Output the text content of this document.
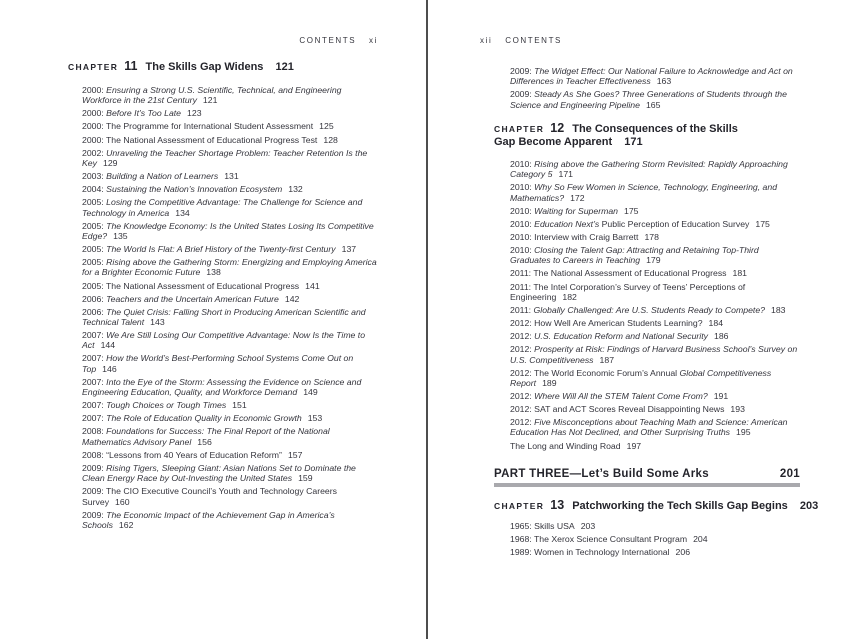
CONTENTS xi
CHAPTER 11 The Skills Gap Widens 121
2000: Ensuring a Strong U.S. Scientific, Technical, and Engineering Workforce in the 21st Century 121
2000: Before It’s Too Late 123
2000: The Programme for International Student Assessment 125
2000: The National Assessment of Educational Progress Test 128
2002: Unraveling the Teacher Shortage Problem: Teacher Retention Is the Key 129
2003: Building a Nation of Learners 131
2004: Sustaining the Nation’s Innovation Ecosystem 132
2005: Losing the Competitive Advantage: The Challenge for Science and Technology in America 134
2005: The Knowledge Economy: Is the United States Losing Its Competitive Edge? 135
2005: The World Is Flat: A Brief History of the Twenty-first Century 137
2005: Rising above the Gathering Storm: Energizing and Employing America for a Brighter Economic Future 138
2005: The National Assessment of Educational Progress 141
2006: Teachers and the Uncertain American Future 142
2006: The Quiet Crisis: Falling Short in Producing American Scientific and Technical Talent 143
2007: We Are Still Losing Our Competitive Advantage: Now Is the Time to Act 144
2007: How the World’s Best-Performing School Systems Come Out on Top 146
2007: Into the Eye of the Storm: Assessing the Evidence on Science and Engineering Education, Quality, and Workforce Demand 149
2007: Tough Choices or Tough Times 151
2007: The Role of Education Quality in Economic Growth 153
2008: Foundations for Success: The Final Report of the National Mathematics Advisory Panel 156
2008: “Lessons from 40 Years of Education Reform” 157
2009: Rising Tigers, Sleeping Giant: Asian Nations Set to Dominate the Clean Energy Race by Out-Investing the United States 159
2009: The CIO Executive Council’s Youth and Technology Careers Survey 160
2009: The Economic Impact of the Achievement Gap in America’s Schools 162
xii CONTENTS
2009: The Widget Effect: Our National Failure to Acknowledge and Act on Differences in Teacher Effectiveness 163
2009: Steady As She Goes? Three Generations of Students through the Science and Engineering Pipeline 165
CHAPTER 12 The Consequences of the Skills Gap Become Apparent 171
2010: Rising above the Gathering Storm Revisited: Rapidly Approaching Category 5 171
2010: Why So Few Women in Science, Technology, Engineering, and Mathematics? 172
2010: Waiting for Superman 175
2010: Education Next’s Public Perception of Education Survey 175
2010: Interview with Craig Barrett 178
2010: Closing the Talent Gap: Attracting and Retaining Top-Third Graduates to Careers in Teaching 179
2011: The National Assessment of Educational Progress 181
2011: The Intel Corporation’s Survey of Teens’ Perceptions of Engineering 182
2011: Globally Challenged: Are U.S. Students Ready to Compete? 183
2012: How Well Are American Students Learning? 184
2012: U.S. Education Reform and National Security 186
2012: Prosperity at Risk: Findings of Harvard Business School’s Survey on U.S. Competitiveness 187
2012: The World Economic Forum’s Annual Global Competitiveness Report 189
2012: Where Will All the STEM Talent Come From? 191
2012: SAT and ACT Scores Reveal Disappointing News 193
2012: Five Misconceptions about Teaching Math and Science: American Education Has Not Declined, and Other Surprising Truths 195
The Long and Winding Road 197
PART THREE—Let’s Build Some Arks	201
CHAPTER 13 Patchworking the Tech Skills Gap Begins 203
1965: Skills USA 203
1968: The Xerox Science Consultant Program 204
1989: Women in Technology International 206
